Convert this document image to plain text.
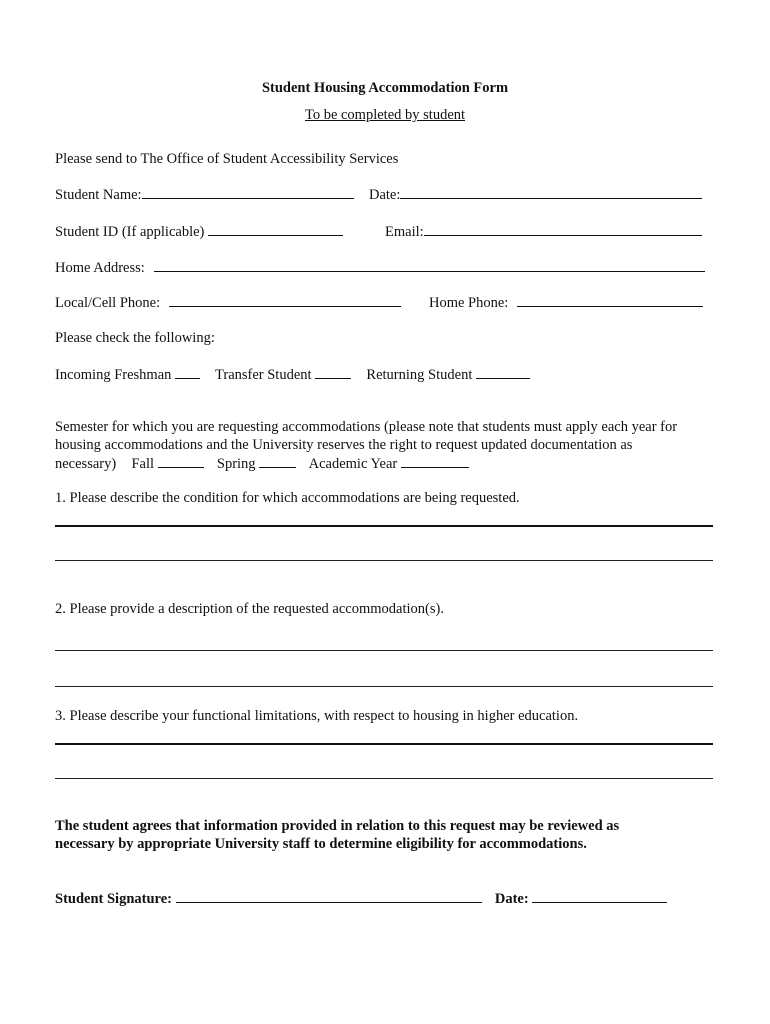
Student Housing Accommodation Form
To be completed by student
Please send to The Office of Student Accessibility Services
Student Name:	Date:
Student ID (If applicable)	Email:
Home Address:
Local/Cell Phone:	Home Phone:
Please check the following:
Incoming Freshman	Transfer Student	Returning Student
Semester for which you are requesting accommodations (please note that students must apply each year for
housing accommodations and the University reserves the right to request updated documentation as
necessary) Fall	Spring	Academic Year
1. Please describe the condition for which accommodations are being requested.
2. Please provide a description of the requested accommodation(s).
3. Please describe your functional limitations, with respect to housing in higher education.
The student agrees that information provided in relation to this request may be reviewed as
necessary by appropriate University staff to determine eligibility for accommodations.
Student Signature:	Date:
